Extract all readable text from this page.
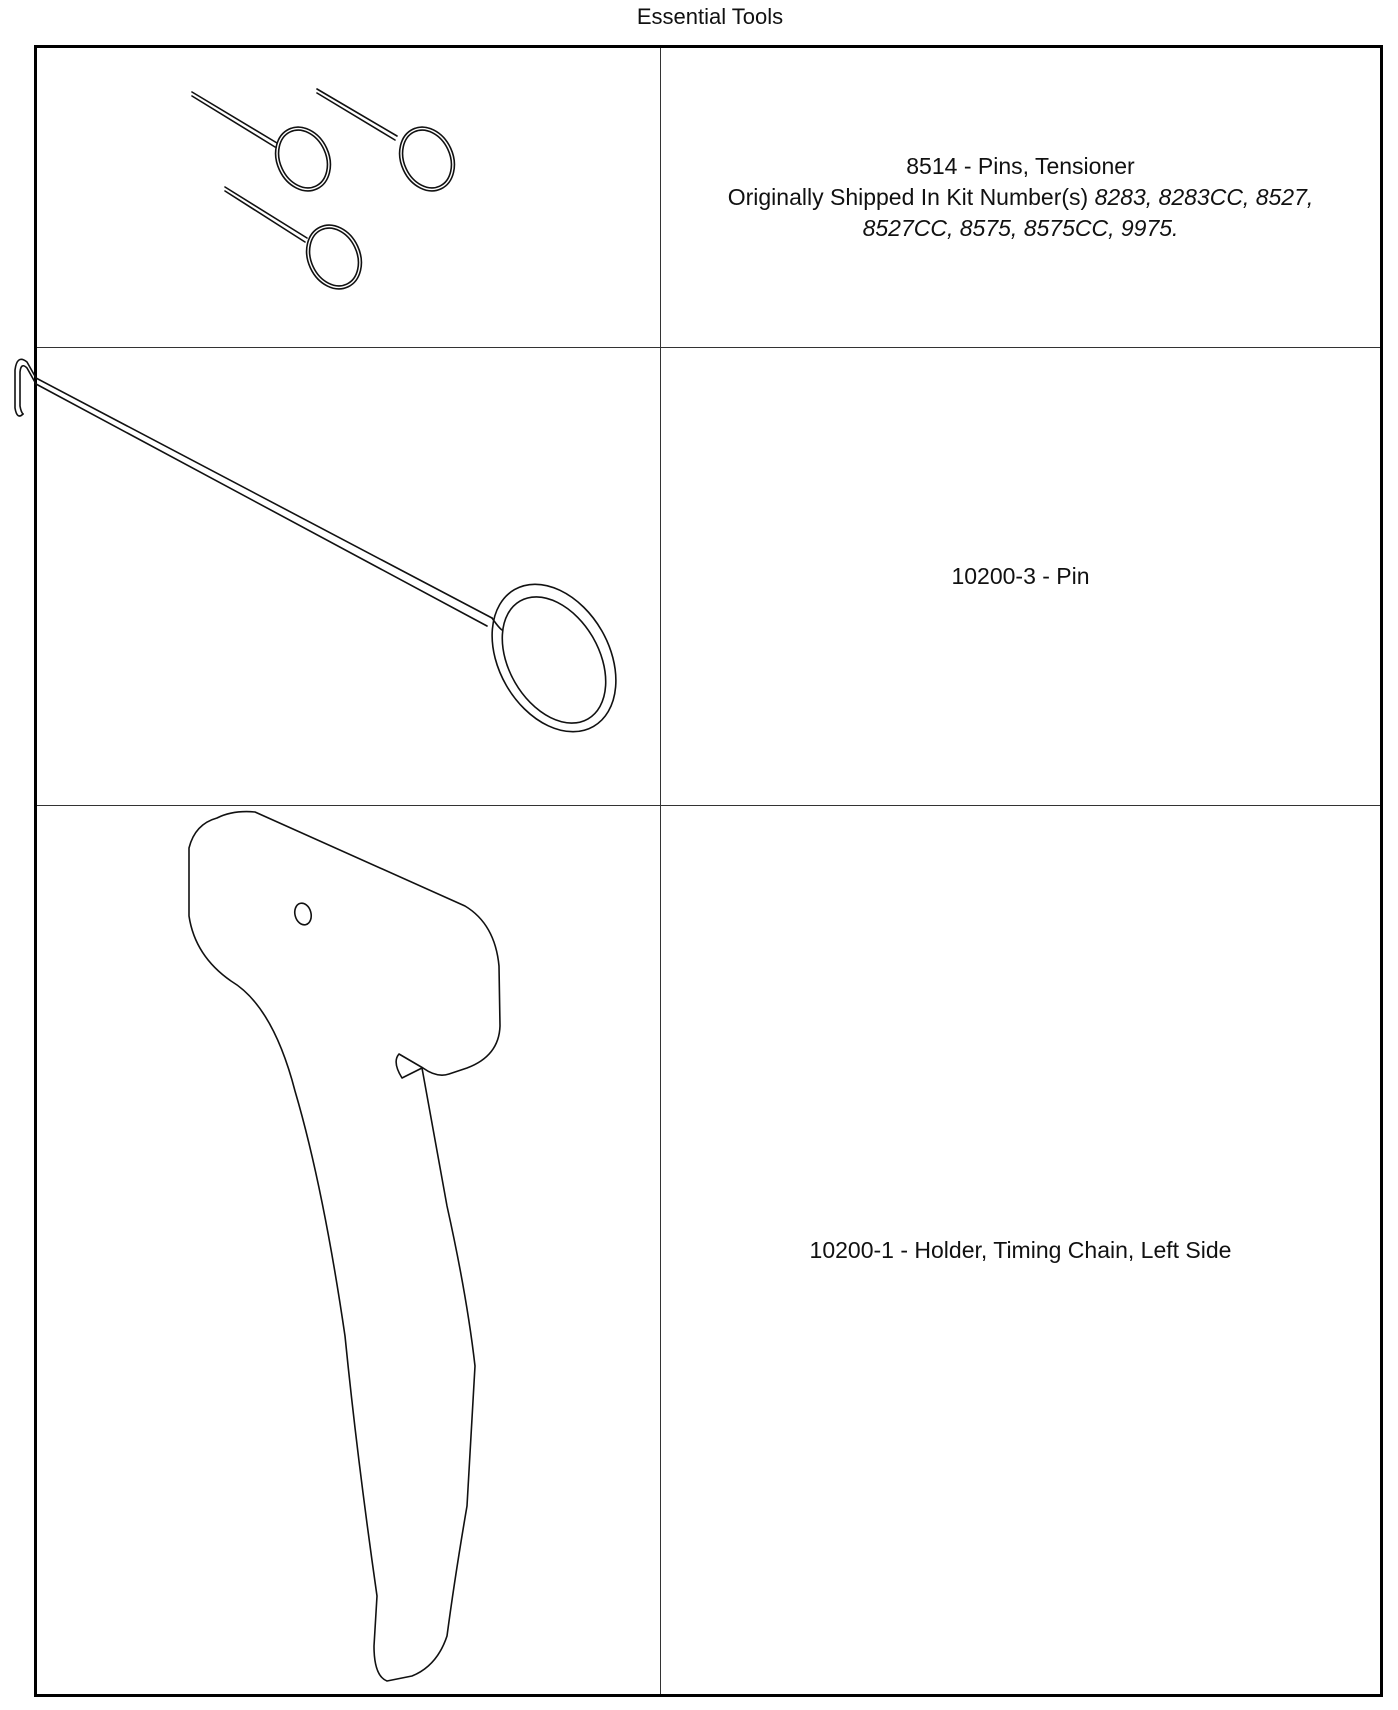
Essential Tools
8514 - Pins, Tensioner
Originally Shipped In Kit Number(s) 8283, 8283CC, 8527,
8527CC, 8575, 8575CC, 9975.
10200-3 - Pin
10200-1 - Holder, Timing Chain, Left Side
